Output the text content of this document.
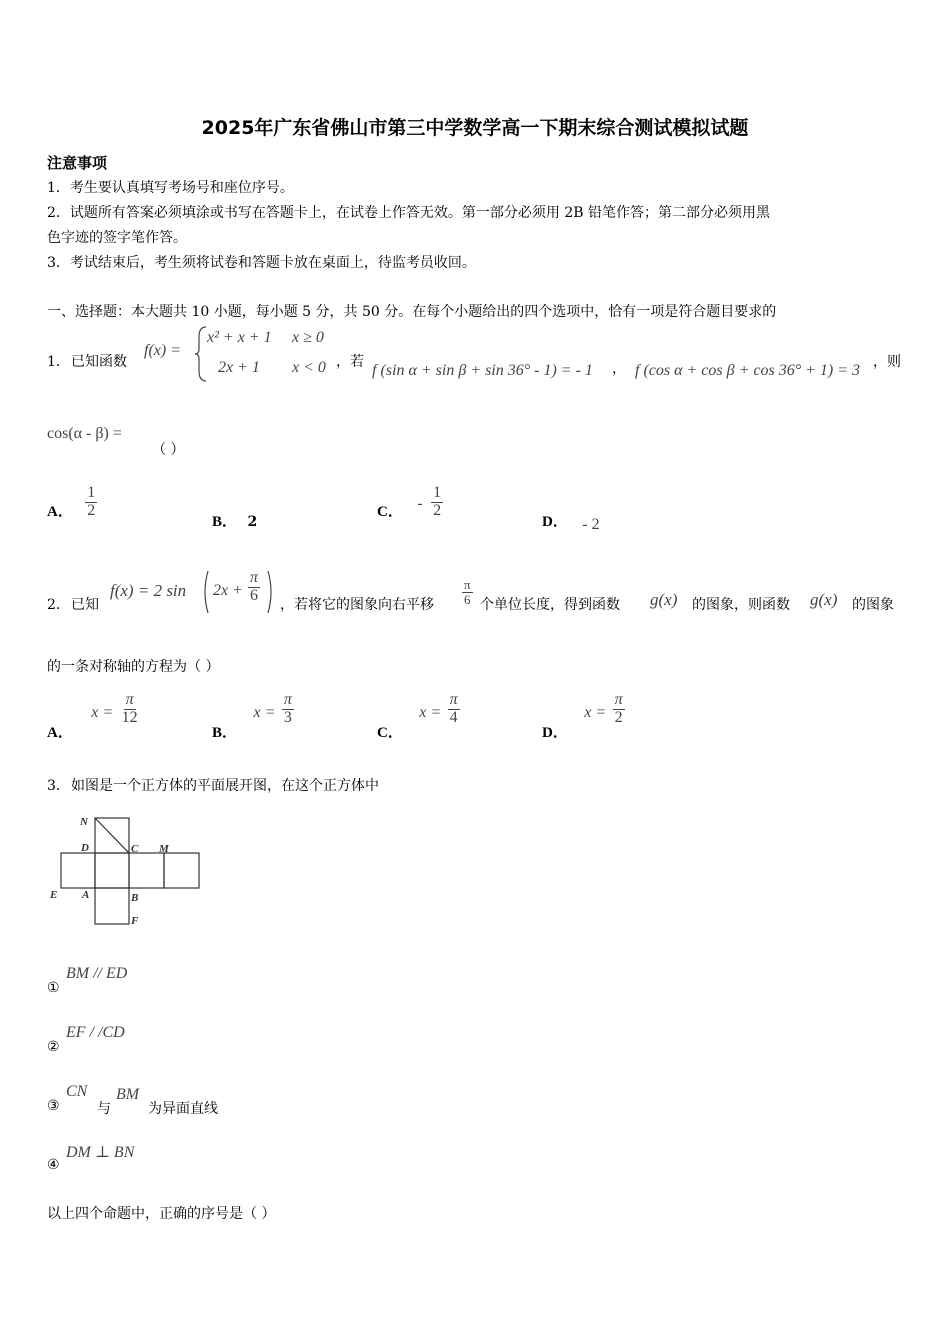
2025年广东省佛山市第三中学数学高一下期末综合测试模拟试题
注意事项
1．考生要认真填写考场号和座位序号。
2．试题所有答案必须填涂或书写在答题卡上，在试卷上作答无效。第一部分必须用 2B 铅笔作答；第二部分必须用黑
色字迹的签字笔作答。
3．考试结束后，考生须将试卷和答题卡放在桌面上，待监考员收回。
一、选择题：本大题共 10 小题，每小题 5 分，共 50 分。在每个小题给出的四个选项中，恰有一项是符合题目要求的
1． 已知函数
f(x) =
x² + x + 1 x ≥ 0
2x + 1 x < 0 ，若 f (sin α + sin β + sin 36° - 1) = - 1 ， f (cos α + cos β + cos 36° + 1) = 3 ，则
cos(α - β) =
（ ）
A． $\frac{1}{2}$
B． 2
C． - $\frac{1}{2}$
D． - 2
2． 已知
f(x) = 2 $\sin 2x + \frac{\pi}{6}$
，若将它的图象向右平移 $\frac{\pi}{6}$ 个单位长度，得到函数 g(x) 的图象，则函数 g(x) 的图象
的一条对称轴的方程为（ ）
A． $x = \frac{\pi}{12}$
B． $x = \frac{\pi}{3}$
C． $x = \frac{\pi}{4}$
D． $x = \frac{\pi}{2}$
3． 如图是一个正方体的平面展开图，在这个正方体中
N
D	C M
E A	B
F
①
BM // ED
②
EF / /CD
③
CN
与
BM
为异面直线
④
DM ⊥ BN
以上四个命题中，正确的序号是（ ）
